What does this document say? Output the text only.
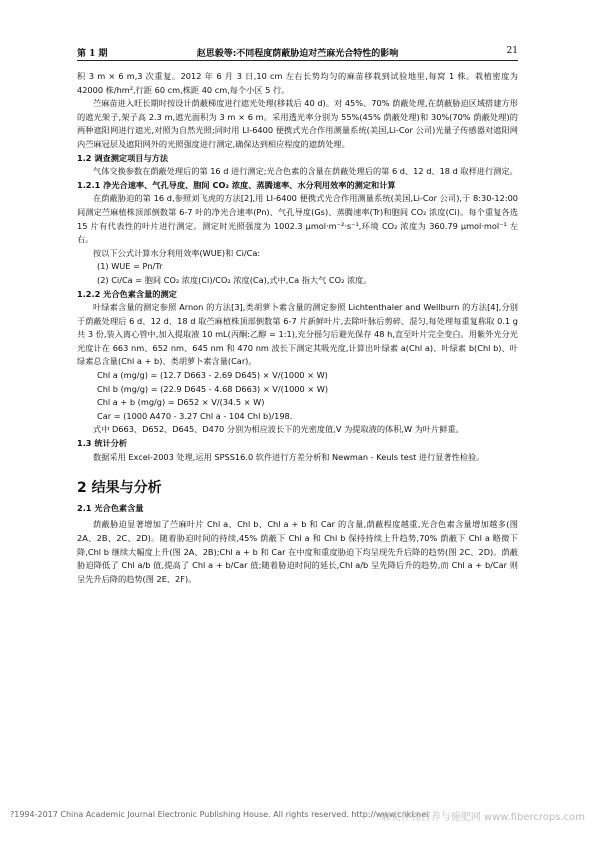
第 1 期	赵思毅等:不同程度荫蔽胁迫对苎麻光合特性的影响	21

积 3 m × 6 m,3 次重复。2012 年 6 月 3 日,10 cm 左右长势均匀的麻苗移栽到试验地里,每窝 1 株。栽植密度为 42000 株/hm²,行距 60 cm,株距 40 cm,每个小区 5 行。

苎麻苗进入旺长期时按设计荫蔽梯度进行遮光处理(移栽后 40 d)。对 45%、70% 荫蔽处理,在荫蔽胁迫区域搭建方形的遮光架子,架子高 2.3 m,遮光面积为 3 m × 6 m。采用透光率分别为 55%(45% 荫蔽处理)和 30%(70% 荫蔽处理)的两种遮阳网进行遮光,对照为自然光照;同时用 LI-6400 便携式光合作用测量系统(美国,Li-Cor 公司)光量子传感器对遮阳网内苎麻冠层及遮阳网外的光照强度进行测定,确保达到相应程度的遮荫处理。

1.2 调查测定项目与方法

气体交换参数在荫蔽处理后的第 16 d 进行测定;光合色素的含量在荫蔽处理后的第 6 d、12 d、18 d 取样进行测定。

1.2.1 净光合速率、气孔导度、胞间 CO₂ 浓度、蒸腾速率、水分利用效率的测定和计算

在荫蔽胁迫的第 16 d,参照刘飞虎的方法[2],用 LI-6400 便携式光合作用测量系统(美国,Li-Cor 公司),于 8:30-12:00 间测定苎麻植株顶部倒数第 6-7 叶的净光合速率(Pn)、气孔导度(Gs)、蒸腾速率(Tr)和胞间 CO₂ 浓度(Ci)。每个重复各选 15 片有代表性的叶片进行测定。测定时光照强度为 1002.3 μmol·m⁻²·s⁻¹,环境 CO₂ 浓度为 360.79 μmol·mol⁻¹ 左右。

按以下公式计算水分利用效率(WUE)和 Ci/Ca:

(1) WUE = Pn/Tr

(2) Ci/Ca = 胞间 CO₂ 浓度(Ci)/CO₂ 浓度(Ca),式中,Ca 指大气 CO₂ 浓度。

1.2.2 光合色素含量的测定

叶绿素含量的测定参照 Arnon 的方法[3],类胡萝卜素含量的测定参照 Lichtenthaler and Wellburn 的方法[4],分别于荫蔽处理后 6 d、12 d、18 d 取苎麻植株顶部倒数第 6-7 片新鲜叶片,去除叶脉后剪碎、混匀,每处理每重复称取 0.1 g 共 3 份,装入离心管中,加入提取液 10 mL(丙酮:乙醇 = 1:1),充分摇匀后避光保存 48 h,直至叶片完全变白。用紫外光分光光度计在 663 nm、652 nm、645 nm 和 470 nm 波长下测定其吸光度,计算出叶绿素 a(Chl a)、叶绿素 b(Chl b)、叶绿素总含量(Chl a + b)、类胡萝卜素含量(Car)。

Chl a (mg/g) = (12.7 D663 - 2.69 D645) × V/(1000 × W)

Chl b (mg/g) = (22.9 D645 - 4.68 D663) × V/(1000 × W)

Chl a + b (mg/g) = D652 × V/(34.5 × W)

Car = (1000 A470 - 3.27 Chl a - 104 Chl b)/198.

式中 D663、D652、D645、D470 分别为相应波长下的光密度值,V 为提取液的体积,W 为叶片鲜重。

1.3 统计分析

数据采用 Excel-2003 处理,运用 SPSS16.0 软件进行方差分析和 Newman - Keuls test 进行显著性检验。

2 结果与分析

2.1 光合色素含量

荫蔽胁迫显著增加了苎麻叶片 Chl a、Chl b、Chl a + b 和 Car 的含量,荫蔽程度越重,光合色素含量增加越多(图 2A、2B、2C、2D)。随着胁迫时间的持续,45% 荫蔽下 Chl a 和 Chl b 保持持续上升趋势,70% 荫蔽下 Chl a 略微下降,Chl b 继续大幅度上升(图 2A、2B);Chl a + b 和 Car 在中度和重度胁迫下均呈现先升后降的趋势(图 2C、2D)。荫蔽胁迫降低了 Chl a/b 值,提高了 Chl a + b/Car 值;随着胁迫时间的延长,Chl a/b 呈先降后升的趋势,而 Chl a + b/Car 则呈先升后降的趋势(图 2E、2F)。

?1994-2017 China Academic Journal Electronic Publishing House. All rights reserved. http://www.cnki.net
麻类作物营养与施肥网 www.fibercrops.com
